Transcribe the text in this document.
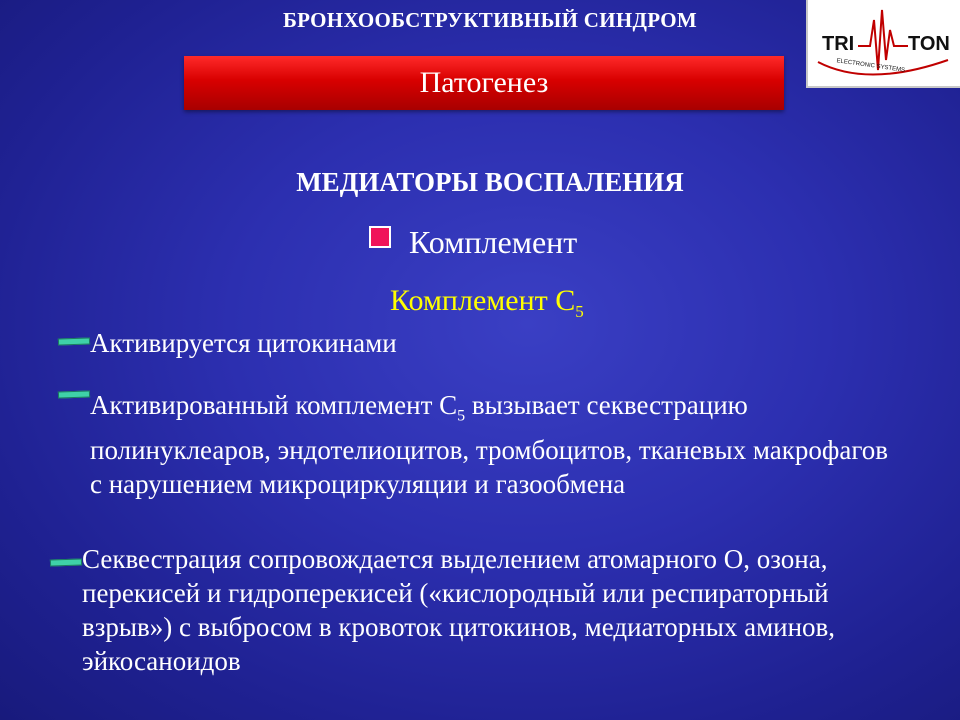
БРОНХООБСТРУКТИВНЫЙ СИНДРОМ
TRI	TON
ELECTRONIC SYSTEMS
Патогенез
МЕДИАТОРЫ ВОСПАЛЕНИЯ
Комплемент
Комплемент $С_5$
Активируется цитокинами
Активированный комплемент $С_5$ вызывает секвестрацию полинуклеаров, эндотелиоцитов, тромбоцитов, тканевых макрофагов с нарушением микроциркуляции и газообмена
Секвестрация сопровождается выделением атомарного О, озона, перекисей и гидроперекисей («кислородный или респираторный взрыв») с выбросом в кровоток цитокинов, медиаторных аминов, эйкосаноидов
